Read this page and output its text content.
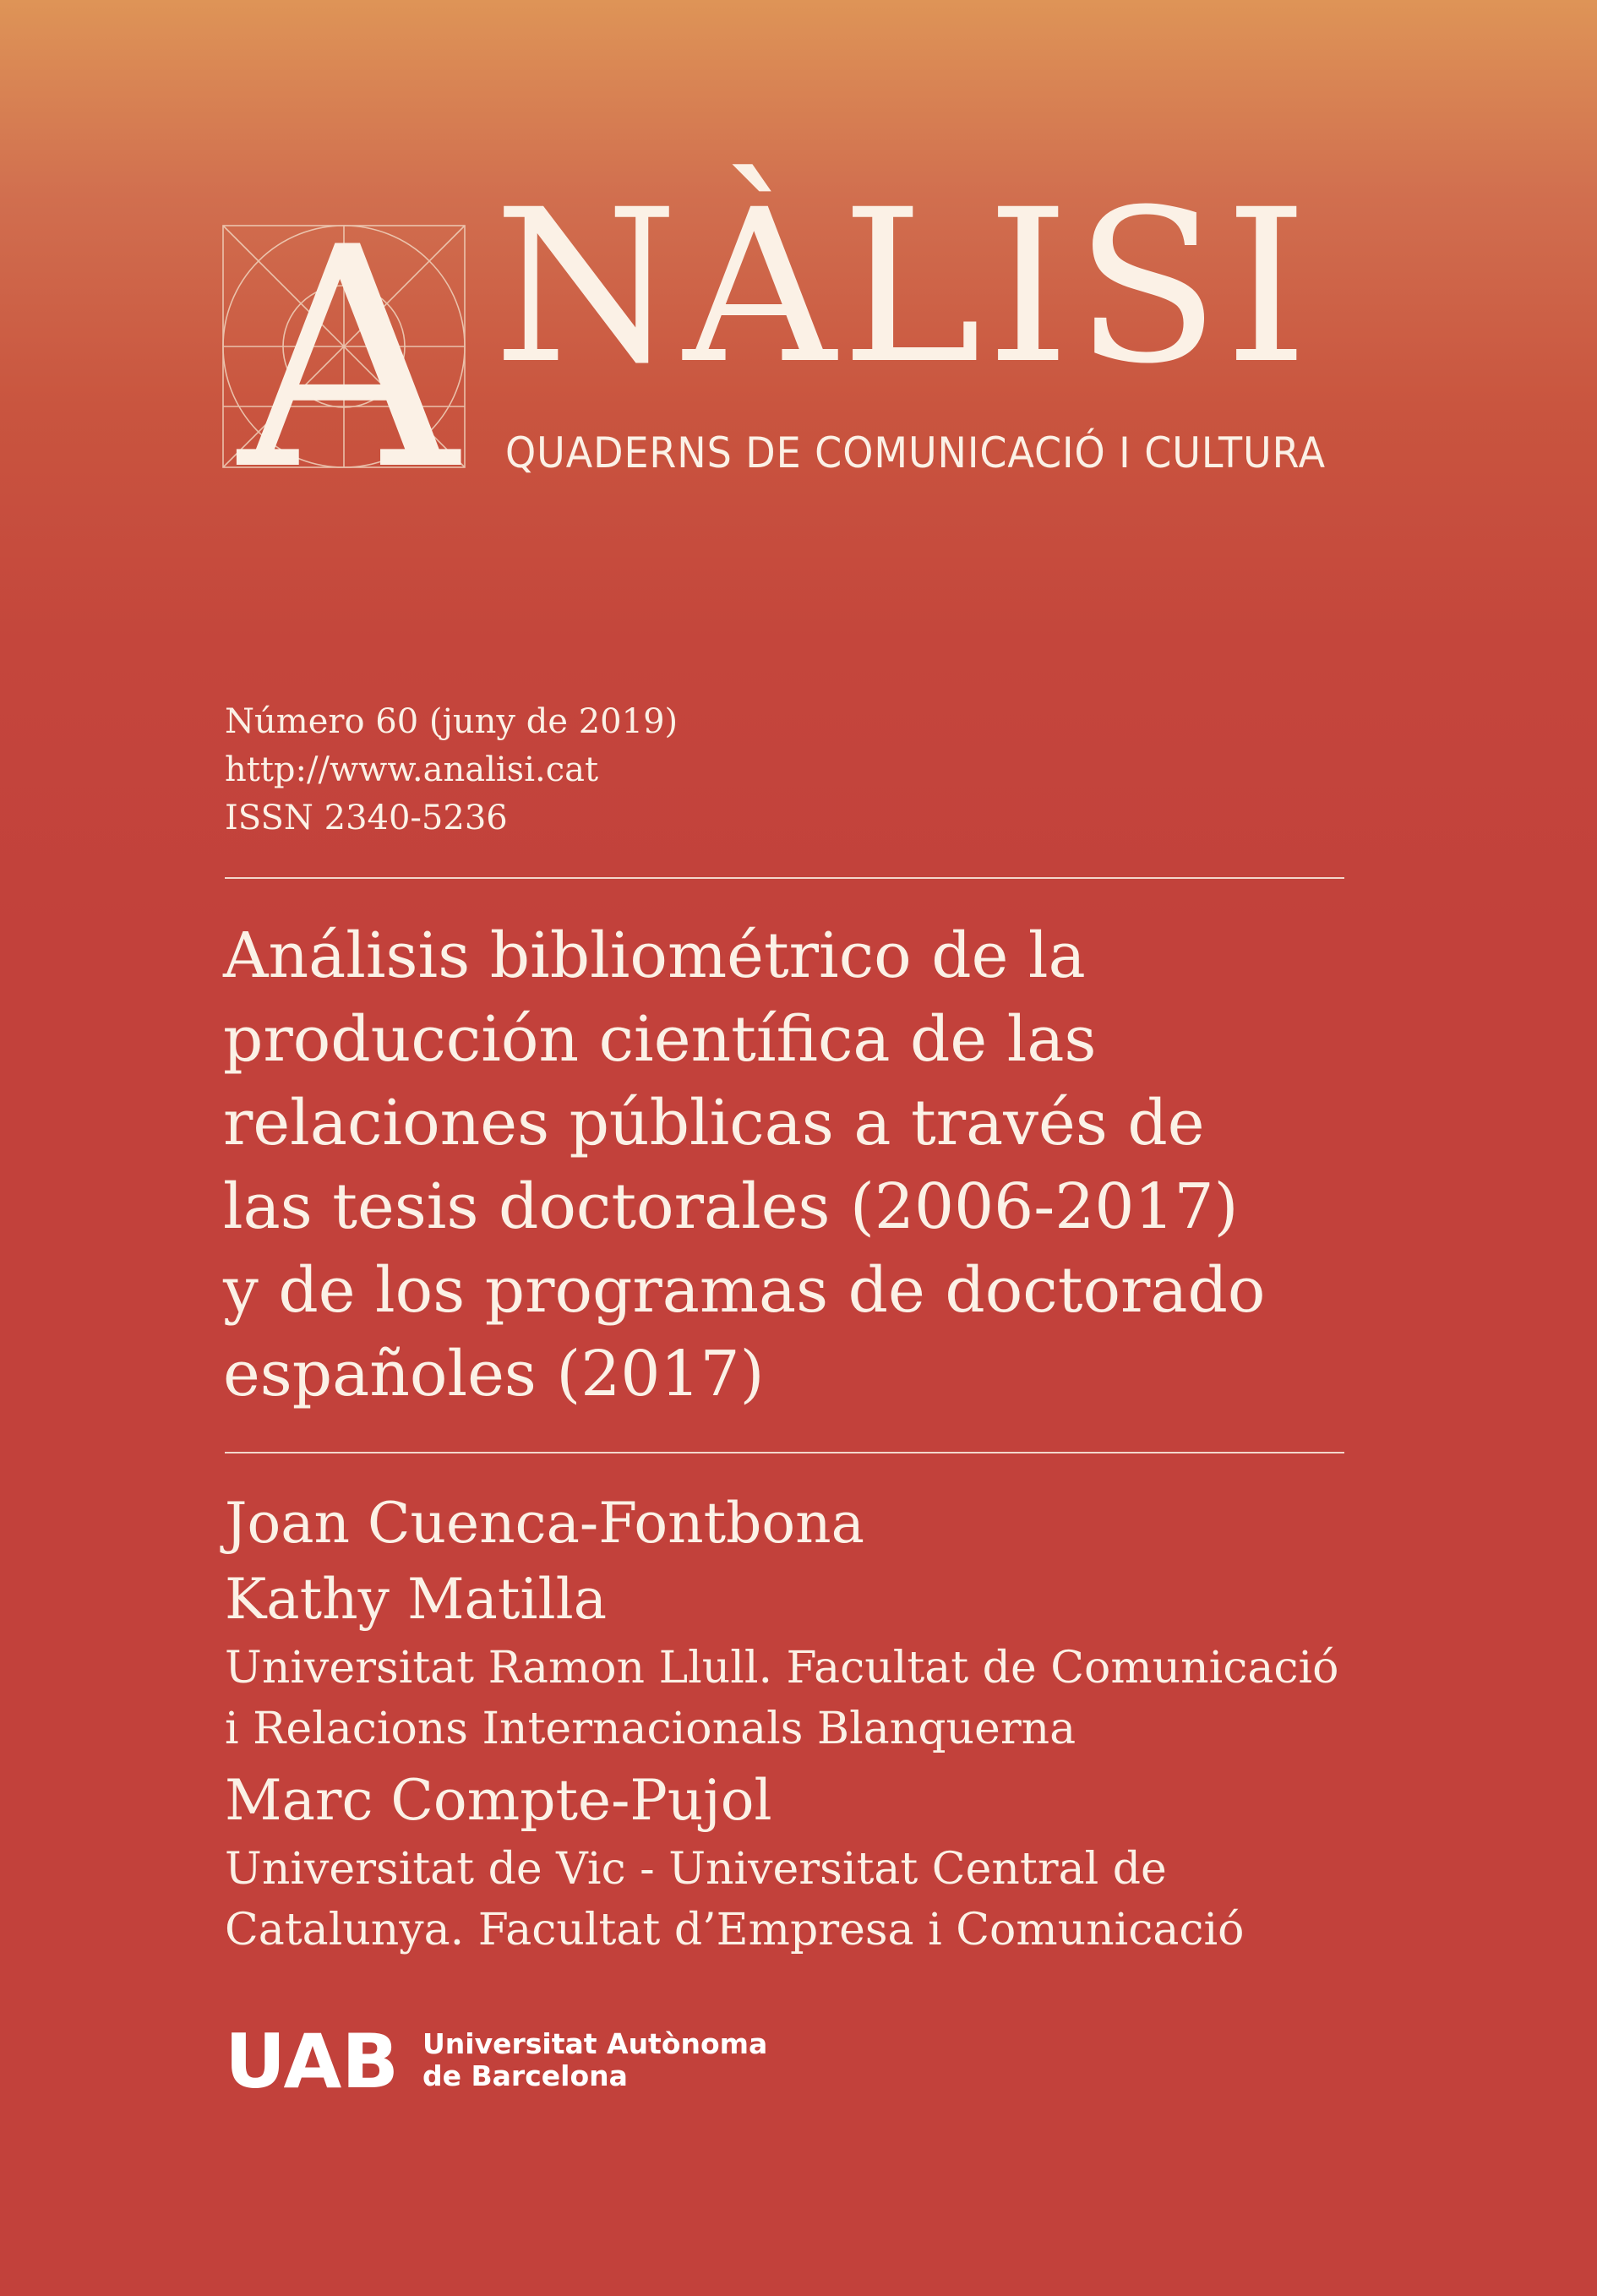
A NÀLISI
QUADERNS DE COMUNICACIÓ I CULTURA
Número 60 (juny de 2019)
http://www.analisi.cat
ISSN 2340-5236
Análisis bibliométrico de la
producción científica de las
relaciones públicas a través de
las tesis doctorales (2006-2017)
y de los programas de doctorado
españoles (2017)
Joan Cuenca-Fontbona
Kathy Matilla
Universitat Ramon Llull. Facultat de Comunicació
i Relacions Internacionals Blanquerna
Marc Compte-Pujol
Universitat de Vic - Universitat Central de
Catalunya. Facultat d’Empresa i Comunicació
UAB Universitat Autònoma
de Barcelona
